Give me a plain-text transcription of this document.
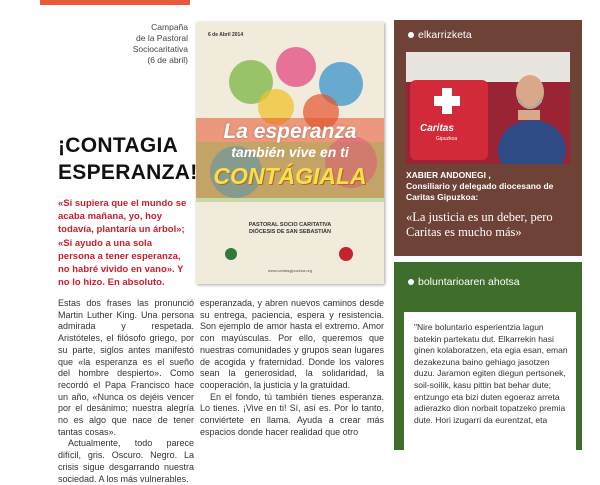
Campaña
de la Pastoral
Sociocaritativa
(6 de abril)
6 de Abril 2014
La esperanza
también vive en ti
CONTÁGIALA
PASTORAL SOCIO CARITATIVA
DIÓCESIS DE SAN SEBASTIÁN
www.caritasgipuzkoa.org
¡CONTAGIA
ESPERANZA!

«Si supiera que el mundo se acaba mañana, yo, hoy todavía, plantaría un árbol»; «Si ayudo a una sola persona a tener esperanza, no habré vivido en vano». Y no lo hizo. En absoluto.

Estas dos frases las pronunció Martin Luther King. Una persona admirada y respetada. Aristóteles, el filósofo griego, por su parte, siglos antes manifestó que «la esperanza es el sueño del hombre despierto». Como recordó el Papa Francisco hace un año, «Nunca os dejéis vencer por el desánimo; nuestra alegría no es algo que nace de tener tantas cosas».

Actualmente, todo parece difícil, gris. Oscuro. Negro. La crisis sigue desgarrando nuestra sociedad. A los más vulnerables.

esperanzada, y abren nuevos caminos desde su entrega, paciencia, espera y resistencia. Son ejemplo de amor hasta el extremo. Amor con mayúsculas. Por ello, queremos que nuestras comunidades y grupos sean lugares de acogida y fraternidad. Donde los valores sean la generosidad, la solidaridad, la cooperación, la justicia y la gratuidad.

En el fondo, tú también tienes esperanza. Lo tienes. ¡Vive en ti! Sí, así es. Por lo tanto, conviértete en llama. Ayuda a crear más espacios donde hacer realidad que otro

elkarrizketa
Caritas
Gipuzkoa
XABIER ANDONEGI ,
Consiliario y delegado diocesano de Caritas Gipuzkoa:
«La justicia es un deber, pero Caritas es mucho más»
boluntarioaren ahotsa

"Nire boluntario esperientzia lagun batekin partekatu dut. Elkarrekin hasi ginen kolaboratzen, eta egia esan, eman dezakezuna baino gehiago jasotzen duzu. Jaramon egiten diegun pertsonek, soil-soilik, kasu pittin bat behar dute; entzungo eta bizi duten egoeraz arreta adierazko dion norbait topatzeko premia dute. Hori izugarri da eurentzat, eta
